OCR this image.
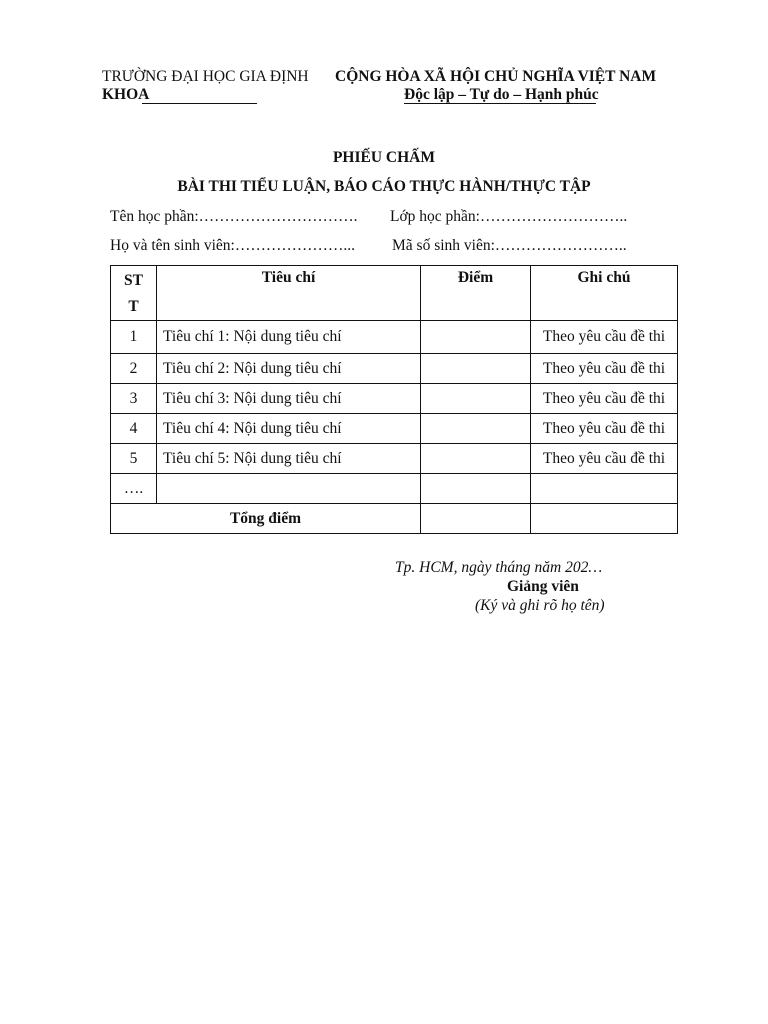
TRƯỜNG ĐẠI HỌC GIA ĐỊNH
KHOA
CỘNG HÒA XÃ HỘI CHỦ NGHĨA VIỆT NAM
Độc lập – Tự do – Hạnh phúc
PHIẾU CHẤM
BÀI THI TIỂU LUẬN, BÁO CÁO THỰC HÀNH/THỰC TẬP
Tên học phần:…………………………. Lớp học phần:………………………..
Họ và tên sinh viên:…………………... Mã số sinh viên:……………………..
ST
T	Tiêu chí	Điểm	Ghi chú
1	Tiêu chí 1: Nội dung tiêu chí		Theo yêu cầu đề thi
2	Tiêu chí 2: Nội dung tiêu chí		Theo yêu cầu đề thi
3	Tiêu chí 3: Nội dung tiêu chí		Theo yêu cầu đề thi
4	Tiêu chí 4: Nội dung tiêu chí		Theo yêu cầu đề thi
5	Tiêu chí 5: Nội dung tiêu chí		Theo yêu cầu đề thi
….			
Tổng điểm			
Tp. HCM, ngày tháng năm 202…
Giảng viên
(Ký và ghi rõ họ tên)
